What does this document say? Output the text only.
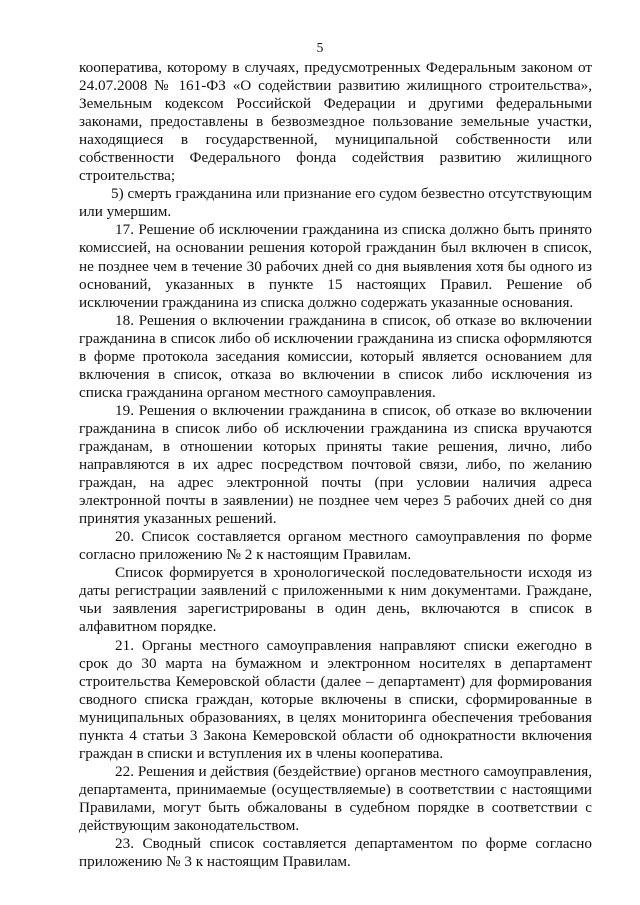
5

кооператива, которому в случаях, предусмотренных Федеральным законом от 24.07.2008 № 161-ФЗ «О содействии развитию жилищного строительства», Земельным кодексом Российской Федерации и другими федеральными законами, предоставлены в безвозмездное пользование земельные участки, находящиеся в государственной, муниципальной собственности или собственности Федерального фонда содействия развитию жилищного строительства;

5) смерть гражданина или признание его судом безвестно отсутствующим или умершим.

17. Решение об исключении гражданина из списка должно быть принято комиссией, на основании решения которой гражданин был включен в список, не позднее чем в течение 30 рабочих дней со дня выявления хотя бы одного из оснований, указанных в пункте 15 настоящих Правил. Решение об исключении гражданина из списка должно содержать указанные основания.

18. Решения о включении гражданина в список, об отказе во включении гражданина в список либо об исключении гражданина из списка оформляются в форме протокола заседания комиссии, который является основанием для включения в список, отказа во включении в список либо исключения из списка гражданина органом местного самоуправления.

19. Решения о включении гражданина в список, об отказе во включении гражданина в список либо об исключении гражданина из списка вручаются гражданам, в отношении которых приняты такие решения, лично, либо направляются в их адрес посредством почтовой связи, либо, по желанию граждан, на адрес электронной почты (при условии наличия адреса электронной почты в заявлении) не позднее чем через 5 рабочих дней со дня принятия указанных решений.

20. Список составляется органом местного самоуправления по форме согласно приложению № 2 к настоящим Правилам.

Список формируется в хронологической последовательности исходя из даты регистрации заявлений с приложенными к ним документами. Граждане, чьи заявления зарегистрированы в один день, включаются в список в алфавитном порядке.

21. Органы местного самоуправления направляют списки ежегодно в срок до 30 марта на бумажном и электронном носителях в департамент строительства Кемеровской области (далее – департамент) для формирования сводного списка граждан, которые включены в списки, сформированные в муниципальных образованиях, в целях мониторинга обеспечения требования пункта 4 статьи 3 Закона Кемеровской области об однократности включения граждан в списки и вступления их в члены кооператива.

22. Решения и действия (бездействие) органов местного самоуправления, департамента, принимаемые (осуществляемые) в соответствии с настоящими Правилами, могут быть обжалованы в судебном порядке в соответствии с действующим законодательством.

23. Сводный список составляется департаментом по форме согласно приложению № 3 к настоящим Правилам.
